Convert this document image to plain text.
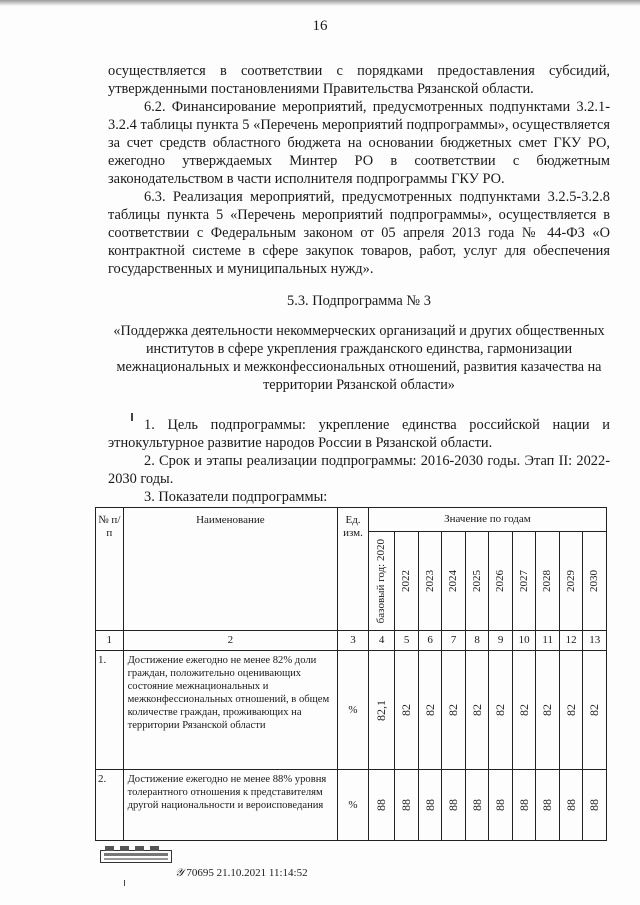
16

осуществляется в соответствии с порядками предоставления субсидий, утвержденными постановлениями Правительства Рязанской области.

6.2. Финансирование мероприятий, предусмотренных подпунктами 3.2.1-3.2.4 таблицы пункта 5 «Перечень мероприятий подпрограммы», осуществляется за счет средств областного бюджета на основании бюджетных смет ГКУ РО, ежегодно утверждаемых Минтер РО в соответствии с бюджетным законодательством в части исполнителя подпрограммы ГКУ РО.

6.3. Реализация мероприятий, предусмотренных подпунктами 3.2.5-3.2.8 таблицы пункта 5 «Перечень мероприятий подпрограммы», осуществляется в соответствии с Федеральным законом от 05 апреля 2013 года № 44-ФЗ «О контрактной системе в сфере закупок товаров, работ, услуг для обеспечения государственных и муниципальных нужд».

5.3. Подпрограмма № 3

«Поддержка деятельности некоммерческих организаций и других общественных институтов в сфере укрепления гражданского единства, гармонизации межнациональных и межконфессиональных отношений, развития казачества на территории Рязанской области»

1. Цель подпрограммы: укрепление единства российской нации и этнокультурное развитие народов России в Рязанской области.

2. Срок и этапы реализации подпрограммы: 2016-2030 годы. Этап II: 2022-2030 годы.

3. Показатели подпрограммы:

№ п/п	Наименование	Ед. изм.	Значение по годам									

			базовый год: 2020	2022	2023	2024	2025	2026	2027	2028	2029	2030

1	2	3	4	5	6	7	8	9	10	11	12	13
1.	Достижение ежегодно не менее 82% доли граждан, положительно оценивающих состояние межнациональных и межконфессиональных отношений, в общем количестве граждан, проживающих на территории Рязанской области	%	82,1	82	82	82	82	82	82	82	82	82

2.	Достижение ежегодно не менее 88% уровня толерантного отношения к представителям другой национальности и вероисповедания	%	88	88	88	88	88	88	88	88	88	88
𝒴 70695 21.10.2021 11:14:52
